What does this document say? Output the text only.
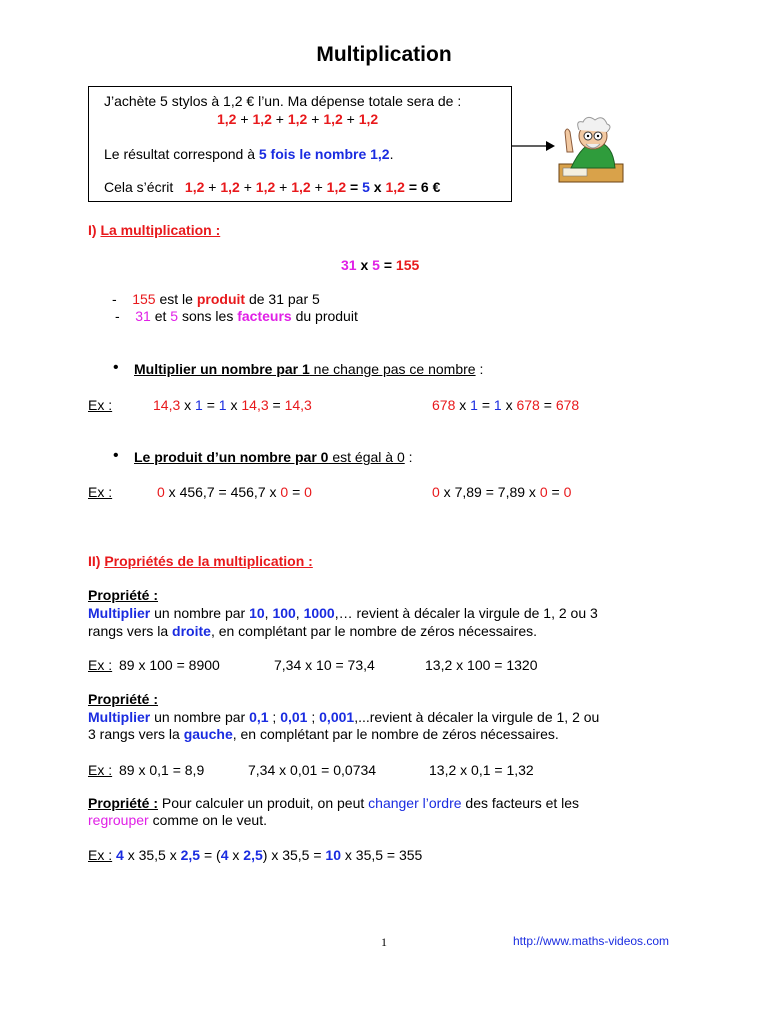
Multiplication
J’achète 5 stylos à 1,2 € l’un. Ma dépense totale sera de :
1,2 + 1,2 + 1,2 + 1,2 + 1,2
Le résultat correspond à 5 fois le nombre 1,2.
Cela s’écrit 1,2 + 1,2 + 1,2 + 1,2 + 1,2 = 5 x 1,2 = 6 €
I) La multiplication :
31 x 5 = 155
- 155 est le produit de 31 par 5
- 31 et 5 sons les facteurs du produit
• Multiplier un nombre par 1 ne change pas ce nombre :
Ex :	14,3 x 1 = 1 x 14,3 = 14,3	678 x 1 = 1 x 678 = 678
• Le produit d’un nombre par 0 est égal à 0 :
Ex :	0 x 456,7 = 456,7 x 0 = 0	0 x 7,89 = 7,89 x 0 = 0
II) Propriétés de la multiplication :
Propriété :
Multiplier un nombre par 10, 100, 1000,… revient à décaler la virgule de 1, 2 ou 3
rangs vers la droite, en complétant par le nombre de zéros nécessaires.
Ex : 89 x 100 = 8900	7,34 x 10 = 73,4	13,2 x 100 = 1320
Propriété :
Multiplier un nombre par 0,1 ; 0,01 ; 0,001,...revient à décaler la virgule de 1, 2 ou
3 rangs vers la gauche, en complétant par le nombre de zéros nécessaires.
Ex : 89 x 0,1 = 8,9	7,34 x 0,01 = 0,0734	13,2 x 0,1 = 1,32
Propriété : Pour calculer un produit, on peut changer l’ordre des facteurs et les
regrouper comme on le veut.
Ex : 4 x 35,5 x 2,5 = (4 x 2,5) x 35,5 = 10 x 35,5 = 355
1	http://www.maths-videos.com
